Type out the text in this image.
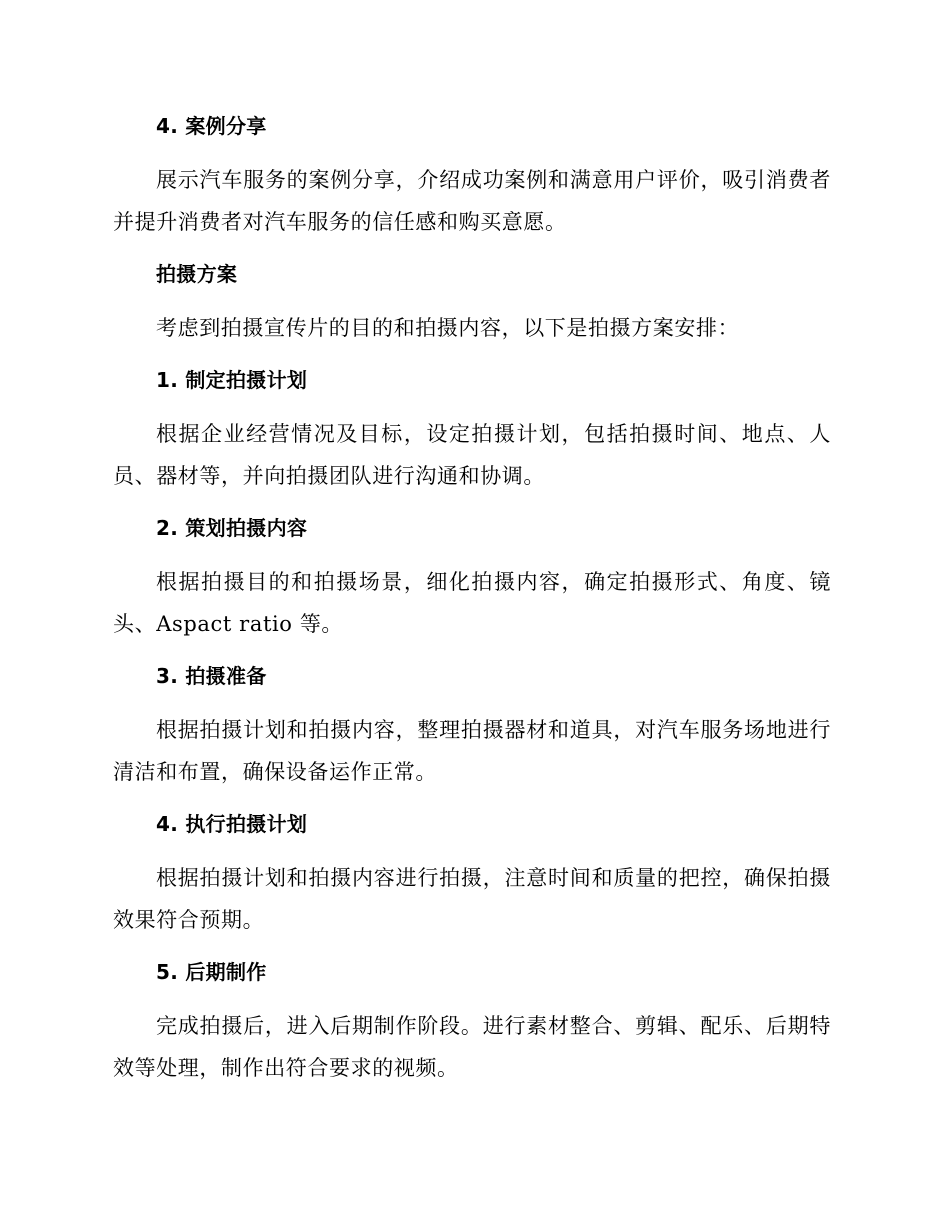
4. 案例分享

展示汽车服务的案例分享，介绍成功案例和满意用户评价，吸引消费者并提升消费者对汽车服务的信任感和购买意愿。

拍摄方案

考虑到拍摄宣传片的目的和拍摄内容，以下是拍摄方案安排：

1. 制定拍摄计划

根据企业经营情况及目标，设定拍摄计划，包括拍摄时间、地点、人员、器材等，并向拍摄团队进行沟通和协调。

2. 策划拍摄内容

根据拍摄目的和拍摄场景，细化拍摄内容，确定拍摄形式、角度、镜头、Aspact ratio 等。

3. 拍摄准备

根据拍摄计划和拍摄内容，整理拍摄器材和道具，对汽车服务场地进行清洁和布置，确保设备运作正常。

4. 执行拍摄计划

根据拍摄计划和拍摄内容进行拍摄，注意时间和质量的把控，确保拍摄效果符合预期。

5. 后期制作

完成拍摄后，进入后期制作阶段。进行素材整合、剪辑、配乐、后期特效等处理，制作出符合要求的视频。
